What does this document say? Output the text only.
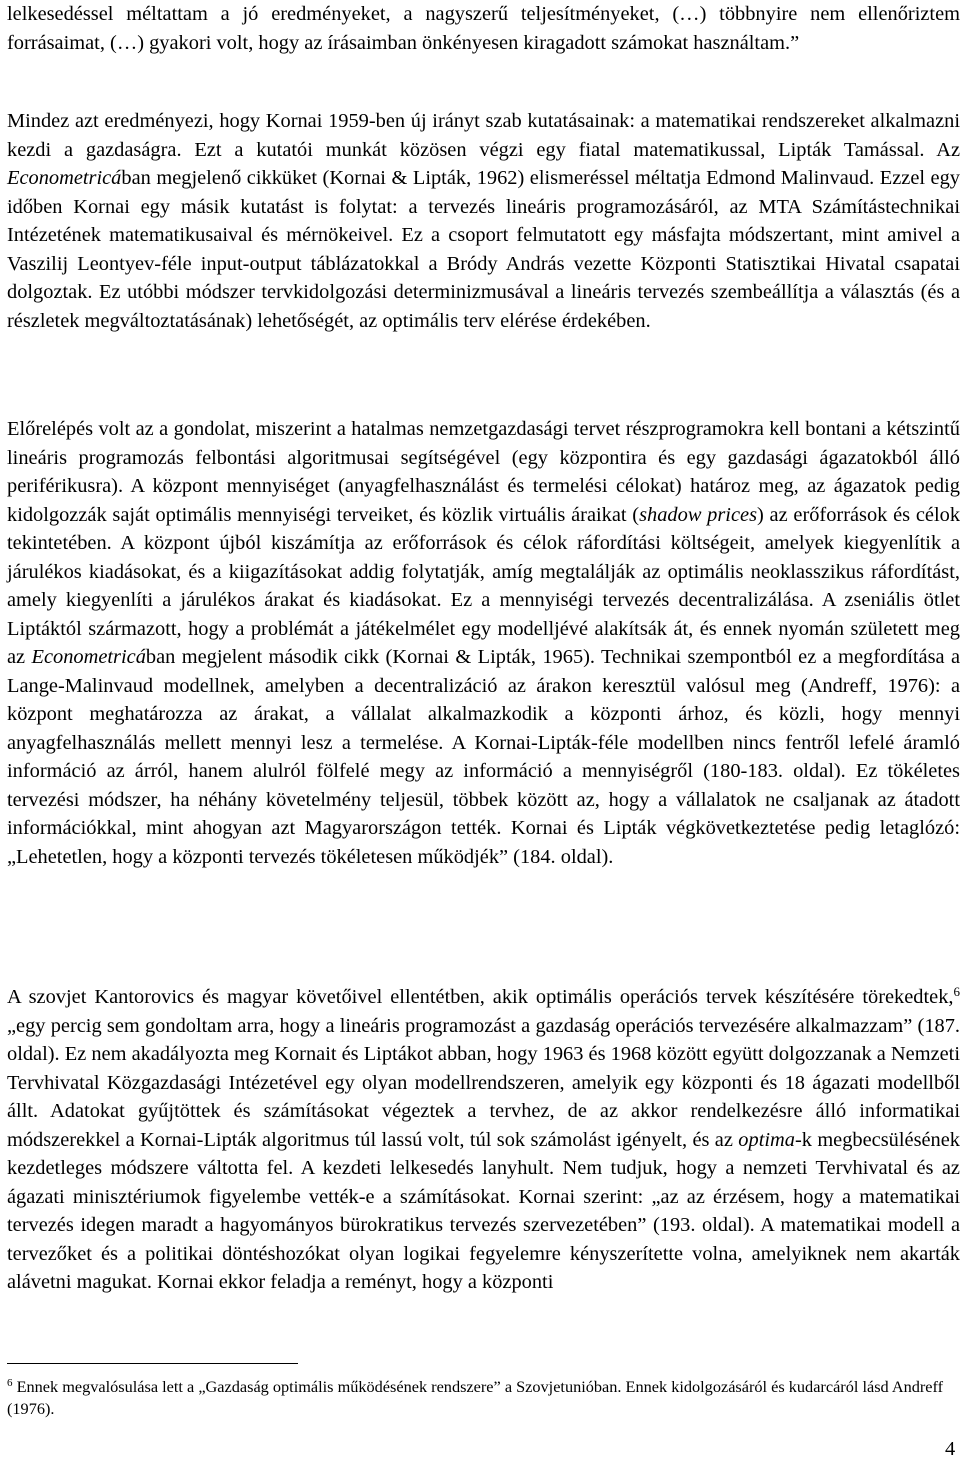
lelkesedéssel méltattam a jó eredményeket, a nagyszerű teljesítményeket, (…) többnyire nem ellenőriztem forrásaimat, (…) gyakori volt, hogy az írásaimban önkényesen kiragadott számokat használtam.”

Mindez azt eredményezi, hogy Kornai 1959-ben új irányt szab kutatásainak: a matematikai rendszereket alkalmazni kezdi a gazdaságra. Ezt a kutatói munkát közösen végzi egy fiatal matematikussal, Lipták Tamással. Az Econometricában megjelenő cikküket (Kornai & Lipták, 1962) elismeréssel méltatja Edmond Malinvaud. Ezzel egy időben Kornai egy másik kutatást is folytat: a tervezés lineáris programozásáról, az MTA Számítástechnikai Intézetének matematikusaival és mérnökeivel. Ez a csoport felmutatott egy másfajta módszertant, mint amivel a Vaszilij Leontyev-féle input-output táblázatokkal a Bródy András vezette Központi Statisztikai Hivatal csapatai dolgoztak. Ez utóbbi módszer tervkidolgozási determinizmusával a lineáris tervezés szembeállítja a választás (és a részletek megváltoztatásának) lehetőségét, az optimális terv elérése érdekében.

Előrelépés volt az a gondolat, miszerint a hatalmas nemzetgazdasági tervet részprogramokra kell bontani a kétszintű lineáris programozás felbontási algoritmusai segítségével (egy központira és egy gazdasági ágazatokból álló periférikusra). A központ mennyiséget (anyagfelhasználást és termelési célokat) határoz meg, az ágazatok pedig kidolgozzák saját optimális mennyiségi terveiket, és közlik virtuális áraikat (shadow prices) az erőforrások és célok tekintetében. A központ újból kiszámítja az erőforrások és célok ráfordítási költségeit, amelyek kiegyenlítik a járulékos kiadásokat, és a kiigazításokat addig folytatják, amíg megtalálják az optimális neoklasszikus ráfordítást, amely kiegyenlíti a járulékos árakat és kiadásokat. Ez a mennyiségi tervezés decentralizálása. A zseniális ötlet Liptáktól származott, hogy a problémát a játékelmélet egy modelljévé alakítsák át, és ennek nyomán született meg az Econometricában megjelent második cikk (Kornai & Lipták, 1965). Technikai szempontból ez a megfordítása a Lange-Malinvaud modellnek, amelyben a decentralizáció az árakon keresztül valósul meg (Andreff, 1976): a központ meghatározza az árakat, a vállalat alkalmazkodik a központi árhoz, és közli, hogy mennyi anyagfelhasználás mellett mennyi lesz a termelése. A Kornai-Lipták-féle modellben nincs fentről lefelé áramló információ az árról, hanem alulról fölfelé megy az információ a mennyiségről (180-183. oldal). Ez tökéletes tervezési módszer, ha néhány követelmény teljesül, többek között az, hogy a vállalatok ne csaljanak az átadott információkkal, mint ahogyan azt Magyarországon tették. Kornai és Lipták végkövetkeztetése pedig letaglózó: „Lehetetlen, hogy a központi tervezés tökéletesen működjék” (184. oldal).

A szovjet Kantorovics és magyar követőivel ellentétben, akik optimális operációs tervek készítésére törekedtek,$^6$ „egy percig sem gondoltam arra, hogy a lineáris programozást a gazdaság operációs tervezésére alkalmazzam” (187. oldal). Ez nem akadályozta meg Kornait és Liptákot abban, hogy 1963 és 1968 között együtt dolgozzanak a Nemzeti Tervhivatal Közgazdasági Intézetével egy olyan modellrendszeren, amelyik egy központi és 18 ágazati modellből állt. Adatokat gyűjtöttek és számításokat végeztek a tervhez, de az akkor rendelkezésre álló informatikai módszerekkel a Kornai-Lipták algoritmus túl lassú volt, túl sok számolást igényelt, és az optima-k megbecsülésének kezdetleges módszere váltotta fel. A kezdeti lelkesedés lanyhult. Nem tudjuk, hogy a nemzeti Tervhivatal és az ágazati minisztériumok figyelembe vették-e a számításokat. Kornai szerint: „az az érzésem, hogy a matematikai tervezés idegen maradt a hagyományos bürokratikus tervezés szervezetében” (193. oldal). A matematikai modell a tervezőket és a politikai döntéshozókat olyan logikai fegyelemre kényszerítette volna, amelyiknek nem akarták alávetni magukat. Kornai ekkor feladja a reményt, hogy a központi

$^6$ Ennek megvalósulása lett a „Gazdaság optimális működésének rendszere” a Szovjetunióban. Ennek kidolgozásáról és kudarcáról lásd Andreff (1976).

4
